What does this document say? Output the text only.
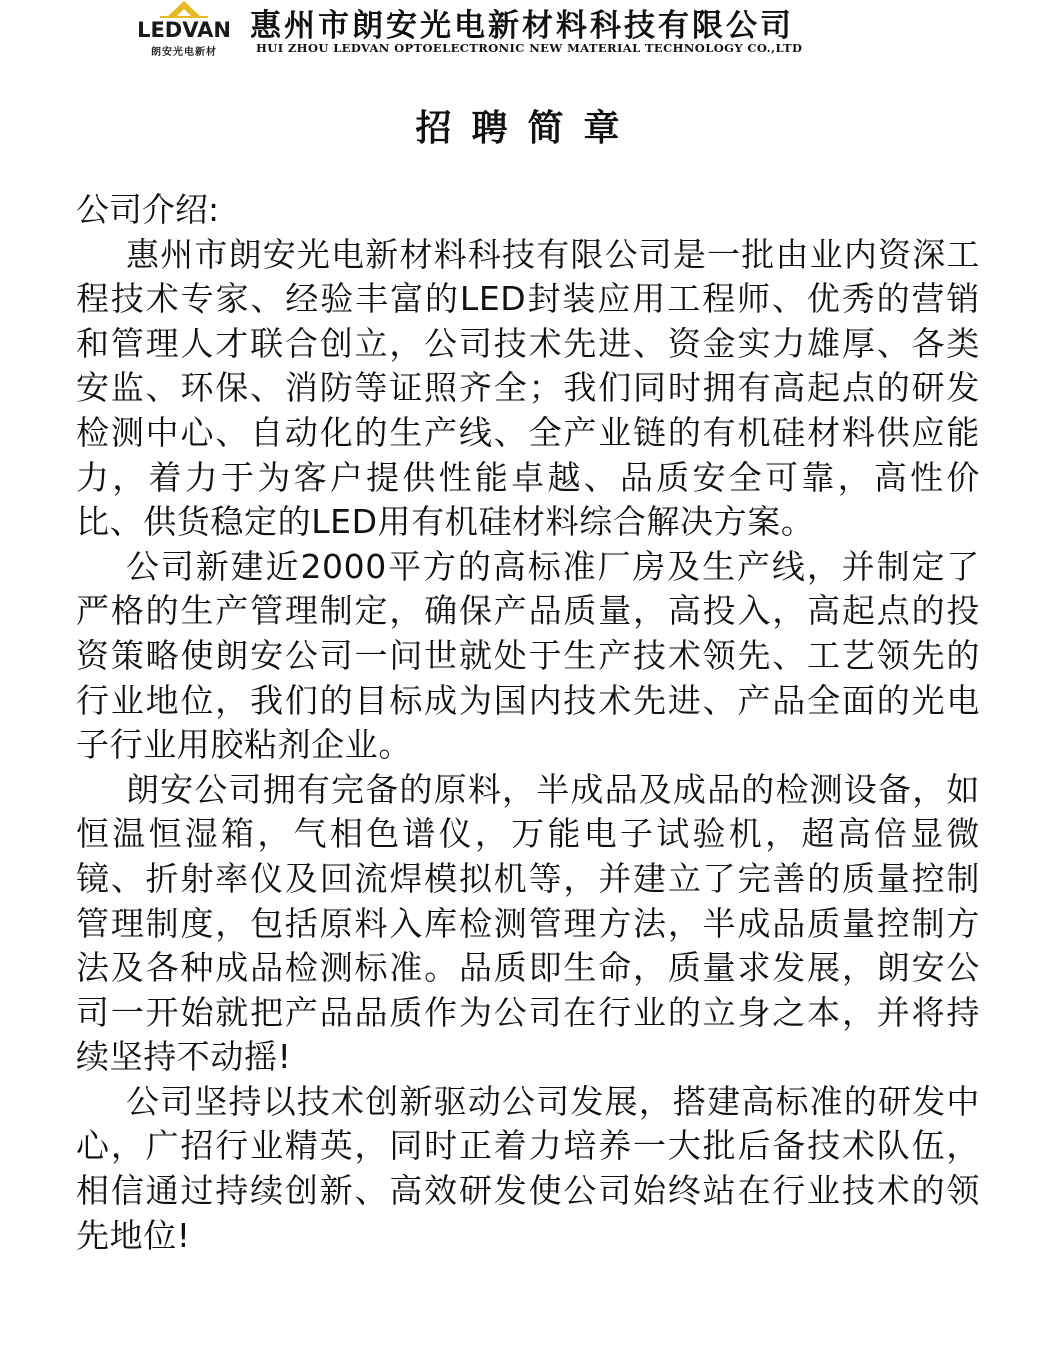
LEDVAN
朗安光电新材
惠州市朗安光电新材料科技有限公司
HUI ZHOU LEDVAN OPTOELECTRONIC NEW MATERIAL TECHNOLOGY CO.,LTD
招聘简章

公司介绍:

惠州市朗安光电新材料科技有限公司是一批由业内资深工程技术专家、经验丰富的LED封装应用工程师、优秀的营销和管理人才联合创立，公司技术先进、资金实力雄厚、各类安监、环保、消防等证照齐全；我们同时拥有高起点的研发检测中心、自动化的生产线、全产业链的有机硅材料供应能力，着力于为客户提供性能卓越、品质安全可靠，高性价比、供货稳定的LED用有机硅材料综合解决方案。

公司新建近2000平方的高标准厂房及生产线，并制定了严格的生产管理制定，确保产品质量，高投入，高起点的投资策略使朗安公司一问世就处于生产技术领先、工艺领先的行业地位，我们的目标成为国内技术先进、产品全面的光电子行业用胶粘剂企业。

朗安公司拥有完备的原料，半成品及成品的检测设备，如恒温恒湿箱，气相色谱仪，万能电子试验机，超高倍显微镜、折射率仪及回流焊模拟机等，并建立了完善的质量控制管理制度，包括原料入库检测管理方法，半成品质量控制方法及各种成品检测标准。品质即生命，质量求发展，朗安公司一开始就把产品品质作为公司在行业的立身之本，并将持续坚持不动摇!

公司坚持以技术创新驱动公司发展，搭建高标准的研发中心，广招行业精英，同时正着力培养一大批后备技术队伍，相信通过持续创新、高效研发使公司始终站在行业技术的领先地位!
